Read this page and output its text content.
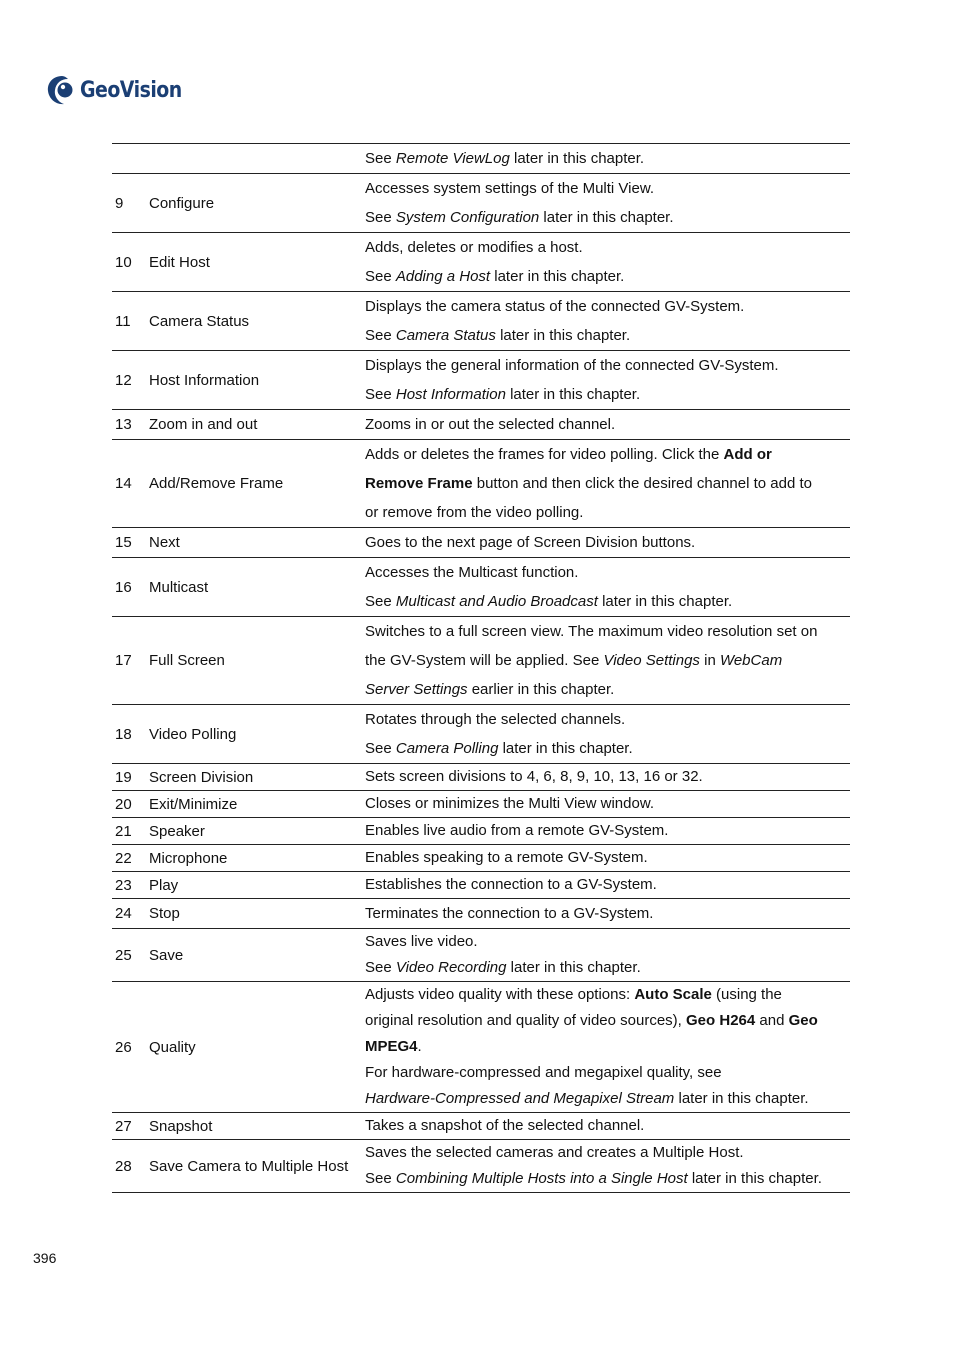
GeoVision

		See Remote ViewLog later in this chapter.

9	Configure	Accesses system settings of the Multi View.
See System Configuration later in this chapter.

10	Edit Host	Adds, deletes or modifies a host.
See Adding a Host later in this chapter.

11	Camera Status	Displays the camera status of the connected GV-System.
See Camera Status later in this chapter.

12	Host Information	Displays the general information of the connected GV-System.
See Host Information later in this chapter.

13	Zoom in and out	Zooms in or out the selected channel.

14	Add/Remove Frame	Adds or deletes the frames for video polling. Click the Add or
Remove Frame button and then click the desired channel to add to
or remove from the video polling.

15	Next	Goes to the next page of Screen Division buttons.

16	Multicast	Accesses the Multicast function.
See Multicast and Audio Broadcast later in this chapter.

17	Full Screen	Switches to a full screen view. The maximum video resolution set on
the GV-System will be applied. See Video Settings in WebCam
Server Settings earlier in this chapter.

18	Video Polling	Rotates through the selected channels.
See Camera Polling later in this chapter.

19	Screen Division	Sets screen divisions to 4, 6, 8, 9, 10, 13, 16 or 32.

20	Exit/Minimize	Closes or minimizes the Multi View window.

21	Speaker	Enables live audio from a remote GV-System.

22	Microphone	Enables speaking to a remote GV-System.

23	Play	Establishes the connection to a GV-System.

24	Stop	Terminates the connection to a GV-System.

25	Save	Saves live video.
See Video Recording later in this chapter.

26	Quality	Adjusts video quality with these options: Auto Scale (using the
original resolution and quality of video sources), Geo H264 and Geo
MPEG4.
For hardware-compressed and megapixel quality, see
Hardware-Compressed and Megapixel Stream later in this chapter.

27	Snapshot	Takes a snapshot of the selected channel.

28	Save Camera to Multiple Host	Saves the selected cameras and creates a Multiple Host.
See Combining Multiple Hosts into a Single Host later in this chapter.
396
